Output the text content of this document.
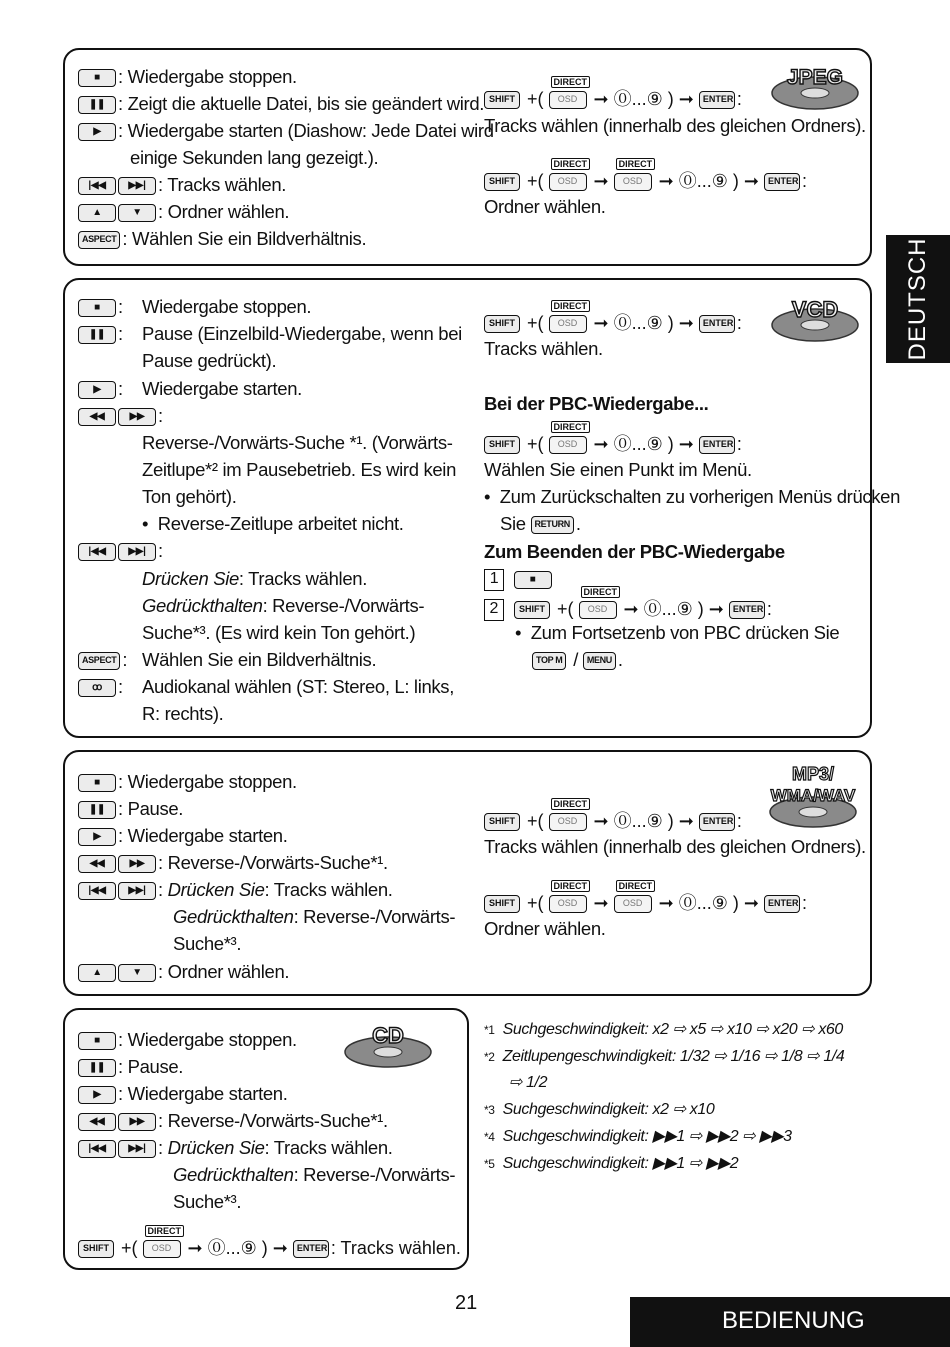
■ : Wiedergabe stoppen.
❚❚ : Zeigt die aktuelle Datei, bis sie geändert wird.
▶ : Wiedergabe starten (Diashow: Jede Datei wird
einige Sekunden lang gezeigt.).
|◀◀ ▶▶| : Tracks wählen.
▲	▼ : Ordner wählen.
ASPECT : Wählen Sie ein Bildverhältnis.
SHIFT +(
DIRECT
OSD ➞ ⓪...⑨ ) ➞ ENTER :
Tracks wählen (innerhalb des gleichen Ordners).
SHIFT +(
DIRECT
OSD ➞
DIRECT
OSD ➞ ⓪...⑨ ) ➞ ENTER :
Ordner wählen.
JPEG
■ : Wiedergabe stoppen.
❚❚ : Pause (Einzelbild-Wiedergabe, wenn bei
Pause gedrückt).
▶ : Wiedergabe starten.
◀◀	▶▶ :
Reverse-/Vorwärts-Suche *¹. (Vorwärts-
Zeitlupe*² im Pausebetrieb. Es wird kein
Ton gehört).
•  Reverse-Zeitlupe arbeitet nicht.
|◀◀ ▶▶| :
Drücken Sie: Tracks wählen.
Gedrückthalten: Reverse-/Vorwärts-
Suche*³. (Es wird kein Ton gehört.)
ASPECT : Wählen Sie ein Bildverhältnis.
ꝏ : Audiokanal wählen (ST: Stereo, L: links,
R: rechts).
SHIFT +(
DIRECT
OSD ➞ ⓪...⑨ ) ➞ ENTER :
Tracks wählen.
Bei der PBC-Wiedergabe...
SHIFT +(
DIRECT
OSD ➞ ⓪...⑨ ) ➞ ENTER :
Wählen Sie einen Punkt im Menü.
•  Zum Zurückschalten zu vorherigen Menüs drücken
Sie RETURN .
Zum Beenden der PBC-Wiedergabe
1	■
2 SHIFT +(
DIRECT
OSD ➞ ⓪...⑨ ) ➞ ENTER :
•  Zum Fortsetzenb von PBC drücken Sie
TOP M / MENU .
VCD
■ : Wiedergabe stoppen.
❚❚ : Pause.
▶ : Wiedergabe starten.
◀◀	▶▶ : Reverse-/Vorwärts-Suche*¹.
|◀◀ ▶▶| : Drücken Sie: Tracks wählen.
Gedrückthalten: Reverse-/Vorwärts-
Suche*³.
▲	▼ : Ordner wählen.
SHIFT +(
DIRECT
OSD ➞ ⓪...⑨ ) ➞ ENTER :
Tracks wählen (innerhalb des gleichen Ordners).
SHIFT +(
DIRECT
OSD ➞
DIRECT
OSD ➞ ⓪...⑨ ) ➞ ENTER :
Ordner wählen.
MP3/
WMA/WAV
■ : Wiedergabe stoppen.
❚❚ : Pause.
▶ : Wiedergabe starten.
◀◀	▶▶ : Reverse-/Vorwärts-Suche*¹.
|◀◀ ▶▶| : Drücken Sie: Tracks wählen.
Gedrückthalten: Reverse-/Vorwärts-
Suche*³.
SHIFT +(
DIRECT
OSD ➞ ⓪...⑨ ) ➞ ENTER : Tracks wählen.
CD	$^{*1}$ Suchgeschwindigkeit: x2 ⇨ x5 ⇨ x10 ⇨ x20 ⇨ x60
$^{*2}$ Zeitlupengeschwindigkeit: 1/32 ⇨ 1/16 ⇨ 1/8 ⇨ 1/4
⇨ 1/2
$^{*3}$ Suchgeschwindigkeit: x2 ⇨ x10
$^{*4}$ Suchgeschwindigkeit: ▶▶1 ⇨ ▶▶2 ⇨ ▶▶3
$^{*5}$ Suchgeschwindigkeit: ▶▶1 ⇨ ▶▶2
DEUTSCH
21
BEDIENUNG
